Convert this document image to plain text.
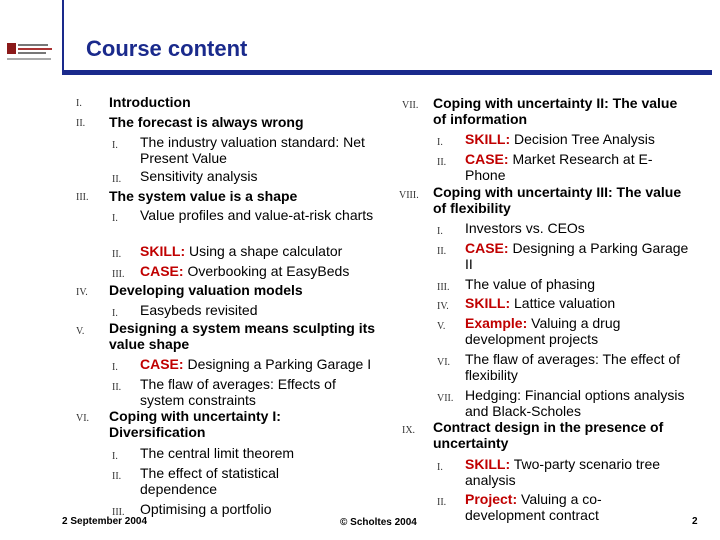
Course content
I. Introduction
II. The forecast is always wrong
I. The industry valuation standard: Net Present Value
II. Sensitivity analysis
III. The system value is a shape
I. Value profiles and value-at-risk charts
II. SKILL: Using a shape calculator
III. CASE: Overbooking at EasyBeds
IV. Developing valuation models
I. Easybeds revisited
V. Designing a system means sculpting its value shape
I. CASE: Designing a Parking Garage I
II. The flaw of averages: Effects of system constraints
VI. Coping with uncertainty I: Diversification
I. The central limit theorem
II. The effect of statistical dependence
III. Optimising a portfolio
VII. Coping with uncertainty II: The value of information
I. SKILL: Decision Tree Analysis
II. CASE: Market Research at E-Phone
VIII. Coping with uncertainty III: The value of flexibility
I. Investors vs. CEOs
II. CASE: Designing a Parking Garage II
III. The value of phasing
IV. SKILL: Lattice valuation
V. Example: Valuing a drug development projects
VI. The flaw of averages: The effect of flexibility
VII. Hedging: Financial options analysis and Black-Scholes
IX. Contract design in the presence of uncertainty
I. SKILL: Two-party scenario tree analysis
II. Project: Valuing a co-development contract
2 September 2004	© Scholtes 2004	2
